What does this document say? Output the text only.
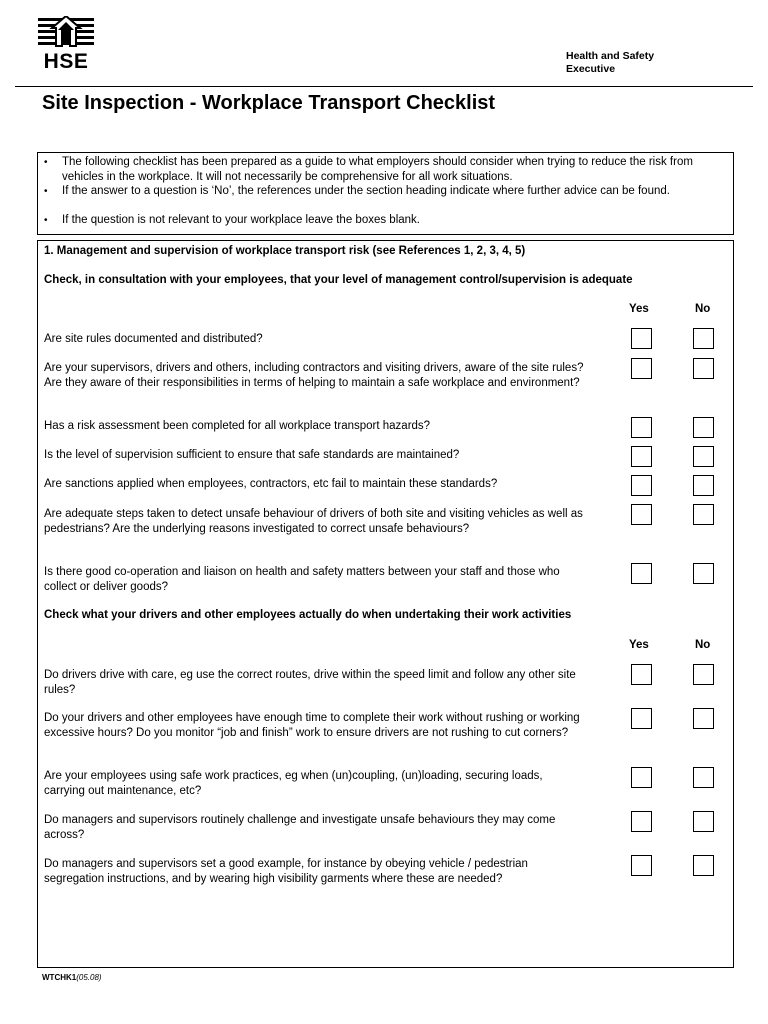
HSE	Health and Safety
Executive
Site Inspection - Workplace Transport Checklist
• The following checklist has been prepared as a guide to what employers should consider when trying to reduce the risk from vehicles in the workplace. It will not necessarily be comprehensive for all work situations.
• If the answer to a question is ‘No’, the references under the section heading indicate where further advice can be found.
• If the question is not relevant to your workplace leave the boxes blank.
1. Management and supervision of workplace transport risk (see References 1, 2, 3, 4, 5)
Check, in consultation with your employees, that your level of management control/supervision is adequate
Yes	No
Are site rules documented and distributed?
Are your supervisors, drivers and others, including contractors and visiting drivers, aware of the site rules? Are they aware of their responsibilities in terms of helping to maintain a safe workplace and environment?
Has a risk assessment been completed for all workplace transport hazards?
Is the level of supervision sufficient to ensure that safe standards are maintained?
Are sanctions applied when employees, contractors, etc fail to maintain these standards?
Are adequate steps taken to detect unsafe behaviour of drivers of both site and visiting vehicles as well as pedestrians? Are the underlying reasons investigated to correct unsafe behaviours?
Is there good co-operation and liaison on health and safety matters between your staff and those who collect or deliver goods?
Check what your drivers and other employees actually do when undertaking their work activities
Yes	No
Do drivers drive with care, eg use the correct routes, drive within the speed limit and follow any other site rules?
Do your drivers and other employees have enough time to complete their work without rushing or working excessive hours? Do you monitor “job and finish” work to ensure drivers are not rushing to cut corners?
Are your employees using safe work practices, eg when (un)coupling, (un)loading, securing loads, carrying out maintenance, etc?
Do managers and supervisors routinely challenge and investigate unsafe behaviours they may come across?
Do managers and supervisors set a good example, for instance by obeying vehicle / pedestrian segregation instructions, and by wearing high visibility garments where these are needed?
WTCHK1(05.08)
